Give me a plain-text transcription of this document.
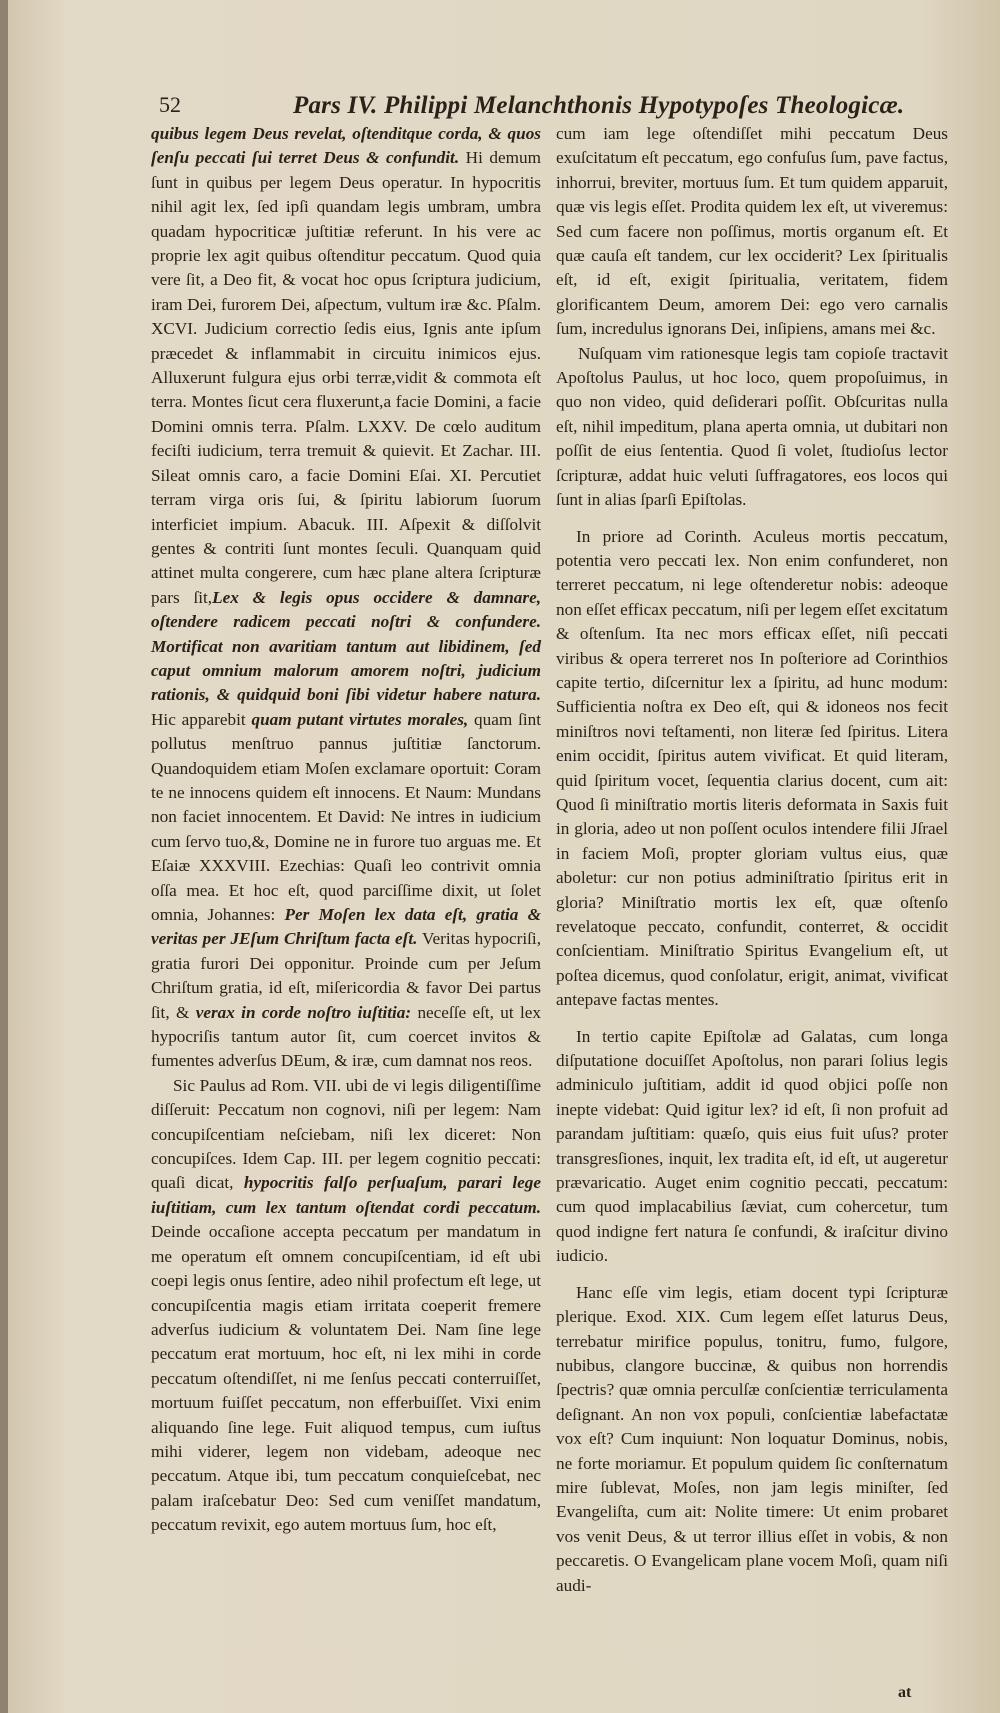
52	Pars IV. Philippi Melanchthonis Hypotypoſes Theologicæ.

quibus legem Deus revelat, oſtenditque corda, & quos ſenſu peccati ſui terret Deus & confundit. Hi demum ſunt in quibus per legem Deus operatur. In hypocritis nihil agit lex, ſed ipſi quandam legis umbram, umbra quadam hypocriticæ juſtitiæ referunt. In his vere ac proprie lex agit quibus oſtenditur peccatum. Quod quia vere ſit, a Deo fit, & vocat hoc opus ſcriptura judicium, iram Dei, furorem Dei, aſpectum, vultum iræ &c. Pſalm. XCVI. Judicium correctio ſedis eius, Ignis ante ipſum præcedet & inflammabit in circuitu inimicos ejus. Alluxerunt fulgura ejus orbi terræ,vidit & commota eſt terra. Montes ſicut cera fluxerunt,a facie Domini, a facie Domini omnis terra. Pſalm. LXXV. De cœlo auditum feciſti iudicium, terra tremuit & quievit. Et Zachar. III. Sileat omnis caro, a facie Domini Eſai. XI. Percutiet terram virga oris ſui, & ſpiritu labiorum ſuorum interficiet impium. Abacuk. III. Aſpexit & diſſolvit gentes & contriti ſunt montes ſeculi. Quanquam quid attinet multa congerere, cum hæc plane altera ſcripturæ pars ſit,Lex & legis opus occidere & damnare, oſtendere radicem peccati noſtri & confundere. Mortificat non avaritiam tantum aut libidinem, ſed caput omnium malorum amorem noſtri, judicium rationis, & quidquid boni ſibi videtur habere natura. Hic apparebit quam putant virtutes morales, quam ſint pollutus menſtruo pannus juſtitiæ ſanctorum. Quandoquidem etiam Moſen exclamare oportuit: Coram te ne innocens quidem eſt innocens. Et Naum: Mundans non faciet innocentem. Et David: Ne intres in iudicium cum ſervo tuo,&, Domine ne in furore tuo arguas me. Et Eſaiæ XXXVIII. Ezechias: Quaſi leo contrivit omnia oſſa mea. Et hoc eſt, quod parciſſime dixit, ut ſolet omnia, Johannes: Per Moſen lex data eſt, gratia & veritas per JEſum Chriſtum facta eſt. Veritas hypocriſi, gratia furori Dei opponitur. Proinde cum per Jeſum Chriſtum gratia, id eſt, miſericordia & favor Dei partus ſit, & verax in corde noſtro iuſtitia: neceſſe eſt, ut lex hypocriſis tantum autor ſit, cum coercet invitos & fumentes adverſus DEum, & iræ, cum damnat nos reos.

Sic Paulus ad Rom. VII. ubi de vi legis diligentiſſime diſſeruit: Peccatum non cognovi, niſi per legem: Nam concupiſcentiam neſciebam, niſi lex diceret: Non concupiſces. Idem Cap. III. per legem cognitio peccati: quaſi dicat, hypocritis falſo perſuaſum, parari lege iuſtitiam, cum lex tantum oſtendat cordi peccatum. Deinde occaſione accepta peccatum per mandatum in me operatum eſt omnem concupiſcentiam, id eſt ubi coepi legis onus ſentire, adeo nihil profectum eſt lege, ut concupiſcentia magis etiam irritata coeperit fremere adverſus iudicium & voluntatem Dei. Nam ſine lege peccatum erat mortuum, hoc eſt, ni lex mihi in corde peccatum oſtendiſſet, ni me ſenſus peccati conterruiſſet, mortuum fuiſſet peccatum, non efferbuiſſet. Vixi enim aliquando ſine lege. Fuit aliquod tempus, cum iuſtus mihi viderer, legem non videbam, adeoque nec peccatum. Atque ibi, tum peccatum conquieſcebat, nec palam iraſcebatur Deo: Sed cum veniſſet mandatum, peccatum revixit, ego autem mortuus ſum, hoc eſt,

cum iam lege oſtendiſſet mihi peccatum Deus exuſcitatum eſt peccatum, ego confuſus ſum, pave factus, inhorrui, breviter, mortuus ſum. Et tum quidem apparuit, quæ vis legis eſſet. Prodita quidem lex eſt, ut viveremus: Sed cum facere non poſſimus, mortis organum eſt. Et quæ cauſa eſt tandem, cur lex occiderit? Lex ſpiritualis eſt, id eſt, exigit ſpiritualia, veritatem, fidem glorificantem Deum, amorem Dei: ego vero carnalis ſum, incredulus ignorans Dei, inſipiens, amans mei &c.

Nuſquam vim rationesque legis tam copioſe tractavit Apoſtolus Paulus, ut hoc loco, quem propoſuimus, in quo non video, quid deſiderari poſſit. Obſcuritas nulla eſt, nihil impeditum, plana aperta omnia, ut dubitari non poſſit de eius ſententia. Quod ſi volet, ſtudioſus lector ſcripturæ, addat huic veluti ſuffragatores, eos locos qui ſunt in alias ſparſi Epiſtolas.

In priore ad Corinth. Aculeus mortis peccatum, potentia vero peccati lex. Non enim confunderet, non terreret peccatum, ni lege oſtenderetur nobis: adeoque non eſſet efficax peccatum, niſi per legem eſſet excitatum & oſtenſum. Ita nec mors efficax eſſet, niſi peccati viribus & opera terreret nos In poſteriore ad Corinthios capite tertio, diſcernitur lex a ſpiritu, ad hunc modum: Sufficientia noſtra ex Deo eſt, qui & idoneos nos fecit miniſtros novi teſtamenti, non literæ ſed ſpiritus. Litera enim occidit, ſpiritus autem vivificat. Et quid literam, quid ſpiritum vocet, ſequentia clarius docent, cum ait: Quod ſi miniſtratio mortis literis deformata in Saxis fuit in gloria, adeo ut non poſſent oculos intendere filii Jſrael in faciem Moſi, propter gloriam vultus eius, quæ aboletur: cur non potius adminiſtratio ſpiritus erit in gloria? Miniſtratio mortis lex eſt, quæ oſtenſo revelatoque peccato, confundit, conterret, & occidit conſcientiam. Miniſtratio Spiritus Evangelium eſt, ut poſtea dicemus, quod conſolatur, erigit, animat, vivificat antepave factas mentes.

In tertio capite Epiſtolæ ad Galatas, cum longa diſputatione docuiſſet Apoſtolus, non parari ſolius legis adminiculo juſtitiam, addit id quod objici poſſe non inepte videbat: Quid igitur lex? id eſt, ſi non profuit ad parandam juſtitiam: quæſo, quis eius fuit uſus? proter transgresſiones, inquit, lex tradita eſt, id eſt, ut augeretur prævaricatio. Auget enim cognitio peccati, peccatum: cum quod implacabilius ſæviat, cum cohercetur, tum quod indigne fert natura ſe confundi, & iraſcitur divino iudicio.

Hanc eſſe vim legis, etiam docent typi ſcripturæ plerique. Exod. XIX. Cum legem eſſet laturus Deus, terrebatur mirifice populus, tonitru, fumo, fulgore, nubibus, clangore buccinæ, & quibus non horrendis ſpectris? quæ omnia perculſæ conſcientiæ terriculamenta deſignant. An non vox populi, conſcientiæ labefactatæ vox eſt? Cum inquiunt: Non loquatur Dominus, nobis, ne forte moriamur. Et populum quidem ſic conſternatum mire ſublevat, Moſes, non jam legis miniſter, ſed Evangeliſta, cum ait: Nolite timere: Ut enim probaret vos venit Deus, & ut terror illius eſſet in vobis, & non peccaretis. O Evangelicam plane vocem Moſi, quam niſi audi-

at
